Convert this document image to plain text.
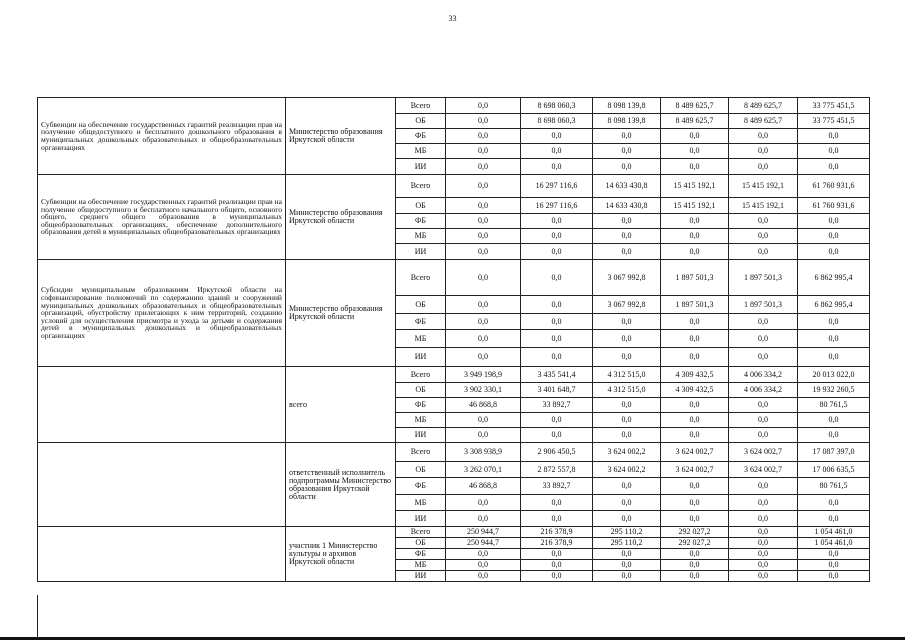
33
Субвенции на обеспечение государственных гарантий реализации прав на получение общедоступного и бесплатного дошкольного образования в муниципальных дошкольных образовательных и общеобразовательных организациях	Министерство образования Иркутской области	Всего	0,0	8 698 060,3	8 098 139,8	8 489 625,7	8 489 625,7	33 775 451,5
		ОБ	0,0	8 698 060,3	8 098 139,8	8 489 625,7	8 489 625,7	33 775 451,5
		ФБ	0,0	0,0	0,0	0,0	0,0	0,0
		МБ	0,0	0,0	0,0	0,0	0,0	0,0
		ИИ	0,0	0,0	0,0	0,0	0,0	0,0
Субвенции на обеспечение государственных гарантий реализации прав на получение общедоступного и бесплатного начального общего, основного общего, среднего общего образования в муниципальных общеобразовательных организациях, обеспечение дополнительного образования детей в муниципальных общеобразовательных организациях	Министерство образования Иркутской области	Всего	0,0	16 297 116,6	14 633 430,8	15 415 192,1	15 415 192,1	61 760 931,6
		ОБ	0,0	16 297 116,6	14 633 430,8	15 415 192,1	15 415 192,1	61 760 931,6
		ФБ	0,0	0,0	0,0	0,0	0,0	0,0
		МБ	0,0	0,0	0,0	0,0	0,0	0,0
		ИИ	0,0	0,0	0,0	0,0	0,0	0,0
Субсидии муниципальным образованиям Иркутской области на софинансирование полномочий по содержанию зданий и сооружений муниципальных дошкольных образовательных и общеобразовательных организаций, обустройству прилегающих к ним территорий, созданию условий для осуществления присмотра и ухода за детьми и содержания детей в муниципальных дошкольных и общеобразовательных организациях	Министерство образования Иркутской области	Всего	0,0	0,0	3 067 992,8	1 897 501,3	1 897 501,3	6 862 995,4
		ОБ	0,0	0,0	3 067 992,8	1 897 501,3	1 897 501,3	6 862 995,4
		ФБ	0,0	0,0	0,0	0,0	0,0	0,0
		МБ	0,0	0,0	0,0	0,0	0,0	0,0
		ИИ	0,0	0,0	0,0	0,0	0,0	0,0
	всего	Всего	3 949 198,9	3 435 541,4	4 312 515,0	4 309 432,5	4 006 334,2	20 013 022,0
		ОБ	3 902 330,1	3 401 648,7	4 312 515,0	4 309 432,5	4 006 334,2	19 932 260,5
		ФБ	46 868,8	33 892,7	0,0	0,0	0,0	80 761,5
		МБ	0,0	0,0	0,0	0,0	0,0	0,0
		ИИ	0,0	0,0	0,0	0,0	0,0	0,0
	ответственный исполнитель подпрограммы Министерство образования Иркутской области	Всего	3 308 938,9	2 906 450,5	3 624 002,2	3 624 002,7	3 624 002,7	17 087 397,0
		ОБ	3 262 070,1	2 872 557,8	3 624 002,2	3 624 002,7	3 624 002,7	17 006 635,5
		ФБ	46 868,8	33 892,7	0,0	0,0	0,0	80 761,5
		МБ	0,0	0,0	0,0	0,0	0,0	0,0
		ИИ	0,0	0,0	0,0	0,0	0,0	0,0
	участник 1 Министерство культуры и архивов Иркутской области	Всего	250 944,7	216 378,9	295 110,2	292 027,2	0,0	1 054 461,0
		ОБ	250 944,7	216 378,9	295 110,2	292 027,2	0,0	1 054 461,0
		ФБ	0,0	0,0	0,0	0,0	0,0	0,0
		МБ	0,0	0,0	0,0	0,0	0,0	0,0
		ИИ	0,0	0,0	0,0	0,0	0,0	0,0
